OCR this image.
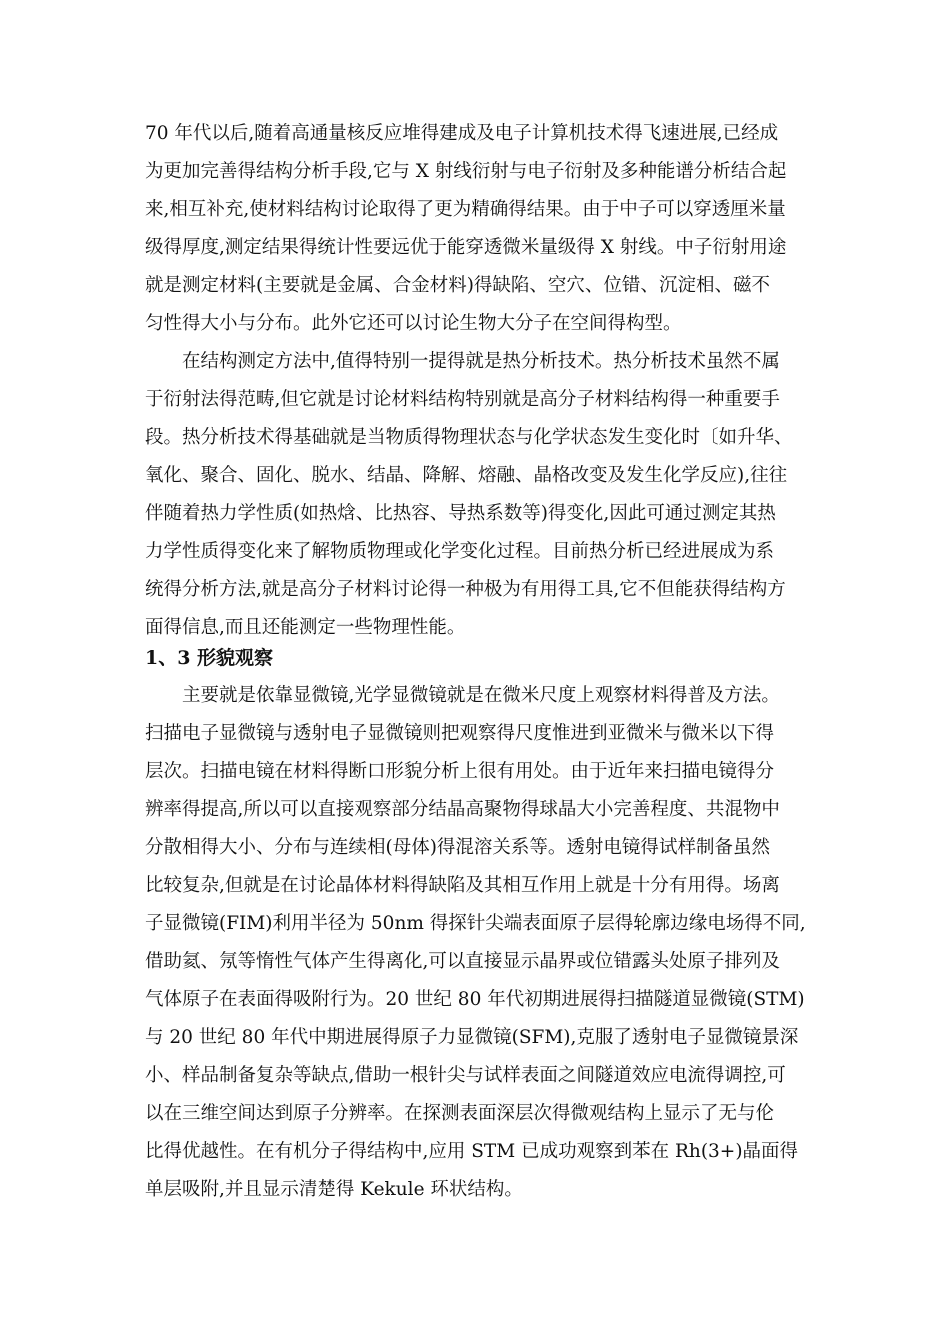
70 年代以后,随着高通量核反应堆得建成及电子计算机技术得飞速进展,已经成
为更加完善得结构分析手段,它与 X 射线衍射与电子衍射及多种能谱分析结合起
来,相互补充,使材料结构讨论取得了更为精确得结果。由于中子可以穿透厘米量
级得厚度,测定结果得统计性要远优于能穿透微米量级得 X 射线。中子衍射用途
就是测定材料(主要就是金属、合金材料)得缺陷、空穴、位错、沉淀相、磁不
匀性得大小与分布。此外它还可以讨论生物大分子在空间得构型。
在结构测定方法中,值得特别一提得就是热分析技术。热分析技术虽然不属
于衍射法得范畴,但它就是讨论材料结构特别就是高分子材料结构得一种重要手
段。热分析技术得基础就是当物质得物理状态与化学状态发生变化时〔如升华、
氧化、聚合、固化、脱水、结晶、降解、熔融、晶格改变及发生化学反应),往往
伴随着热力学性质(如热焓、比热容、导热系数等)得变化,因此可通过测定其热
力学性质得变化来了解物质物理或化学变化过程。目前热分析已经进展成为系
统得分析方法,就是高分子材料讨论得一种极为有用得工具,它不但能获得结构方
面得信息,而且还能测定一些物理性能。
1、3 形貌观察
主要就是依靠显微镜,光学显微镜就是在微米尺度上观察材料得普及方法。
扫描电子显微镜与透射电子显微镜则把观察得尺度惟进到亚微米与微米以下得
层次。扫描电镜在材料得断口形貌分析上很有用处。由于近年来扫描电镜得分
辨率得提高,所以可以直接观察部分结晶高聚物得球晶大小完善程度、共混物中
分散相得大小、分布与连续相(母体)得混溶关系等。透射电镜得试样制备虽然
比较复杂,但就是在讨论晶体材料得缺陷及其相互作用上就是十分有用得。场离
子显微镜(FIM)利用半径为 50nm 得探针尖端表面原子层得轮廓边缘电场得不同,
借助氦、氖等惰性气体产生得离化,可以直接显示晶界或位错露头处原子排列及
气体原子在表面得吸附行为。20 世纪 80 年代初期进展得扫描隧道显微镜(STM)
与 20 世纪 80 年代中期进展得原子力显微镜(SFM),克服了透射电子显微镜景深
小、样品制备复杂等缺点,借助一根针尖与试样表面之间隧道效应电流得调控,可
以在三维空间达到原子分辨率。在探测表面深层次得微观结构上显示了无与伦
比得优越性。在有机分子得结构中,应用 STM 已成功观察到苯在 Rh(3+)晶面得
单层吸附,并且显示清楚得 Kekule 环状结构。
